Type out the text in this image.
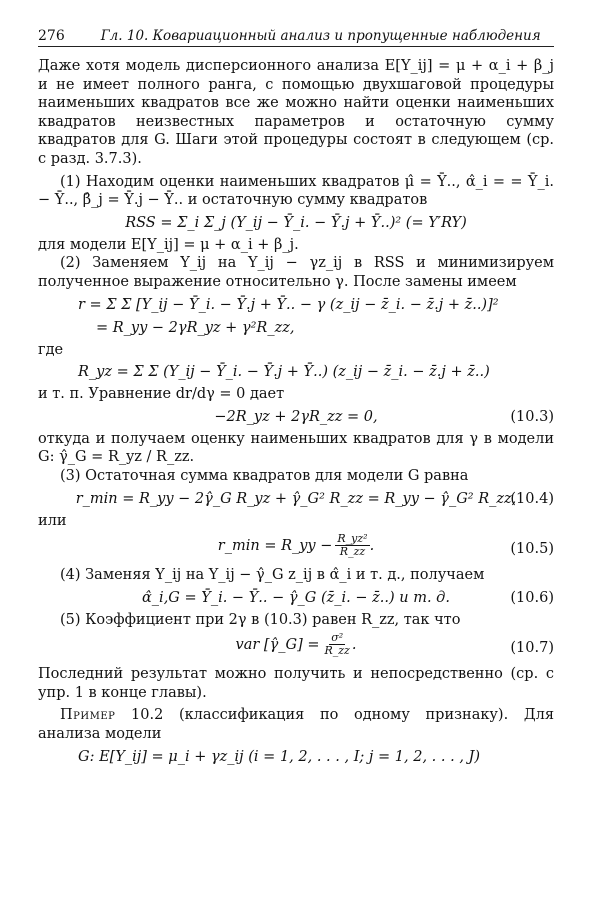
276	Гл. 10. Ковариационный анализ и пропущенные наблюдения

Даже хотя модель дисперсионного анализа E[Y_ij] = μ + α_i + β_j и не имеет полного ранга, с помощью двухшаговой процедуры наименьших квадратов все же можно найти оценки наименьших квадратов неизвестных параметров и остаточную сумму квадратов для G. Шаги этой процедуры состоят в следующем (ср. с разд. 3.7.3).

(1) Находим оценки наименьших квадратов μ̂ = Ȳ.., α̂_i = = Ȳ_i. − Ȳ.., β̂_j = Ȳ.j − Ȳ.. и остаточную сумму квадратов

RSS = Σ_i Σ_j (Y_ij − Ȳ_i. − Ȳ.j + Ȳ..)² (= Y′RY)

для модели E[Y_ij] = μ + α_i + β_j.

(2) Заменяем Y_ij на Y_ij − γz_ij в RSS и минимизируем полученное выражение относительно γ. После замены имеем

r = Σ Σ [Y_ij − Ȳ_i. − Ȳ.j + Ȳ.. − γ (z_ij − z̄_i. − z̄.j + z̄..)]²
= R_yy − 2γR_yz + γ²R_zz,

где

R_yz = Σ Σ (Y_ij − Ȳ_i. − Ȳ.j + Ȳ..) (z_ij − z̄_i. − z̄.j + z̄..)

и т. п. Уравнение dr/dγ = 0 дает

−2R_yz + 2γR_zz = 0,	(10.3)

откуда и получаем оценку наименьших квадратов для γ в модели G: γ̂_G = R_yz / R_zz.

(3) Остаточная сумма квадратов для модели G равна

r_min = R_yy − 2γ̂_G R_yz + γ̂_G² R_zz = R_yy − γ̂_G² R_zz,
(10.4)

или

r_min = R_yy − $\frac{\text{R\_yz²}}{R\_zz}$ .	(10.5)

(4) Заменяя Y_ij на Y_ij − γ̂_G z_ij в α̂_i и т. д., получаем

α̂_i,G = Ȳ_i. − Ȳ.. − γ̂_G (z̄_i. − z̄..) и т. д.	(10.6)

(5) Коэффициент при 2γ в (10.3) равен R_zz, так что

var [γ̂_G] = $\frac{\text{σ²}}{R\_zz}$ .	(10.7)

Последний результат можно получить и непосредственно (ср. с упр. 1 в конце главы).

Пример 10.2 (классификация по одному признаку). Для анализа модели

G: E[Y_ij] = μ_i + γz_ij (i = 1, 2, . . . , I; j = 1, 2, . . . , J)
